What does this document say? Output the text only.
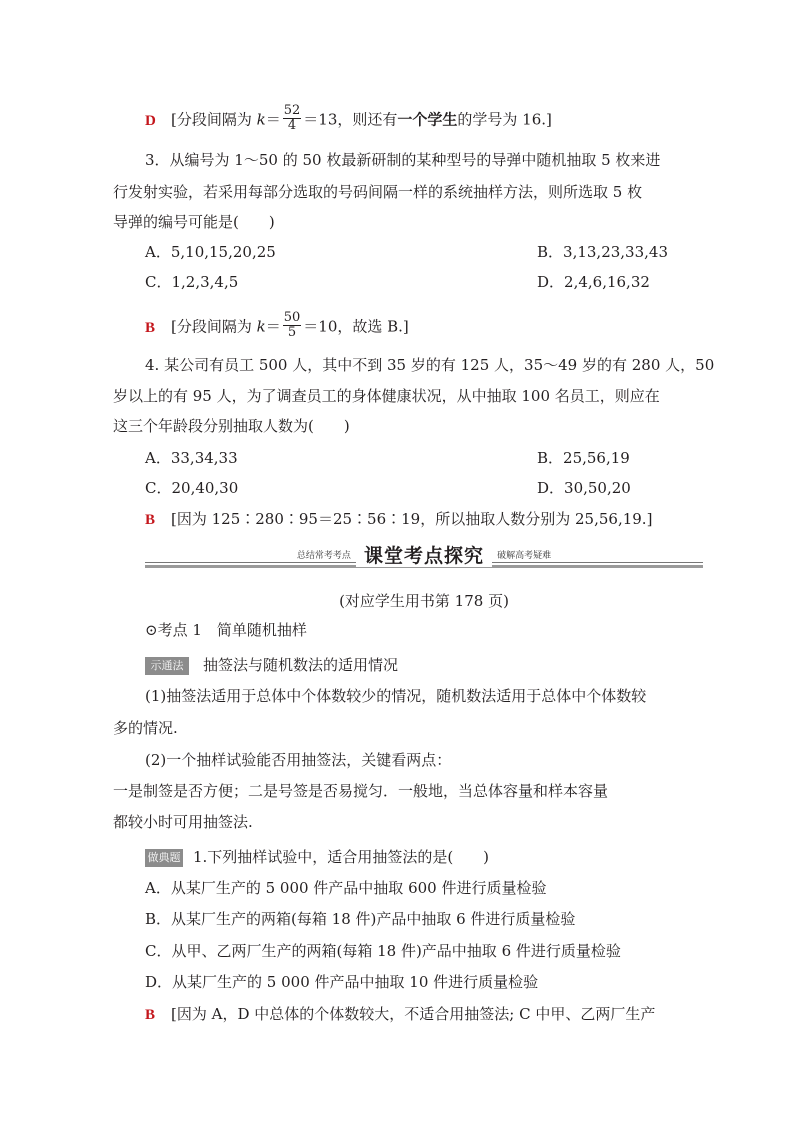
D [分段间隔为 $k= \frac{52}{4} =13$，则还有一个学生的学号为 16.]
3．从编号为 1～50 的 50 枚最新研制的某种型号的导弹中随机抽取 5 枚来进
行发射实验，若采用每部分选取的号码间隔一样的系统抽样方法，则所选取 5 枚
导弹的编号可能是(　　)
A．5,10,15,20,25	B．3,13,23,33,43
C．1,2,3,4,5	D．2,4,6,16,32
B [分段间隔为 $k= \frac{50}{5} =10$，故选 B.]
4. 某公司有员工 500 人，其中不到 35 岁的有 125 人，35～49 岁的有 280 人，50
岁以上的有 95 人，为了调查员工的身体健康状况，从中抽取 100 名员工，则应在
这三个年龄段分别抽取人数为(　　)
A．33,34,33	B．25,56,19
C．20,40,30	D．30,50,20
B [因为 125∶280∶95＝25∶56∶19，所以抽取人数分别为 25,56,19.]
总结常考考点 课堂考点探究 破解高考疑难
(对应学生用书第 178 页)
⊙考点 1　简单随机抽样
示通法 抽签法与随机数法的适用情况
(1)抽签法适用于总体中个体数较少的情况，随机数法适用于总体中个体数较
多的情况.
(2)一个抽样试验能否用抽签法，关键看两点：
一是制签是否方便；二是号签是否易搅匀．一般地，当总体容量和样本容量
都较小时可用抽签法.
做典题 1.下列抽样试验中，适合用抽签法的是(　　)
A．从某厂生产的 5 000 件产品中抽取 600 件进行质量检验
B．从某厂生产的两箱(每箱 18 件)产品中抽取 6 件进行质量检验
C．从甲、乙两厂生产的两箱(每箱 18 件)产品中抽取 6 件进行质量检验
D．从某厂生产的 5 000 件产品中抽取 10 件进行质量检验
B [因为 A，D 中总体的个体数较大，不适合用抽签法; C 中甲、乙两厂生产
